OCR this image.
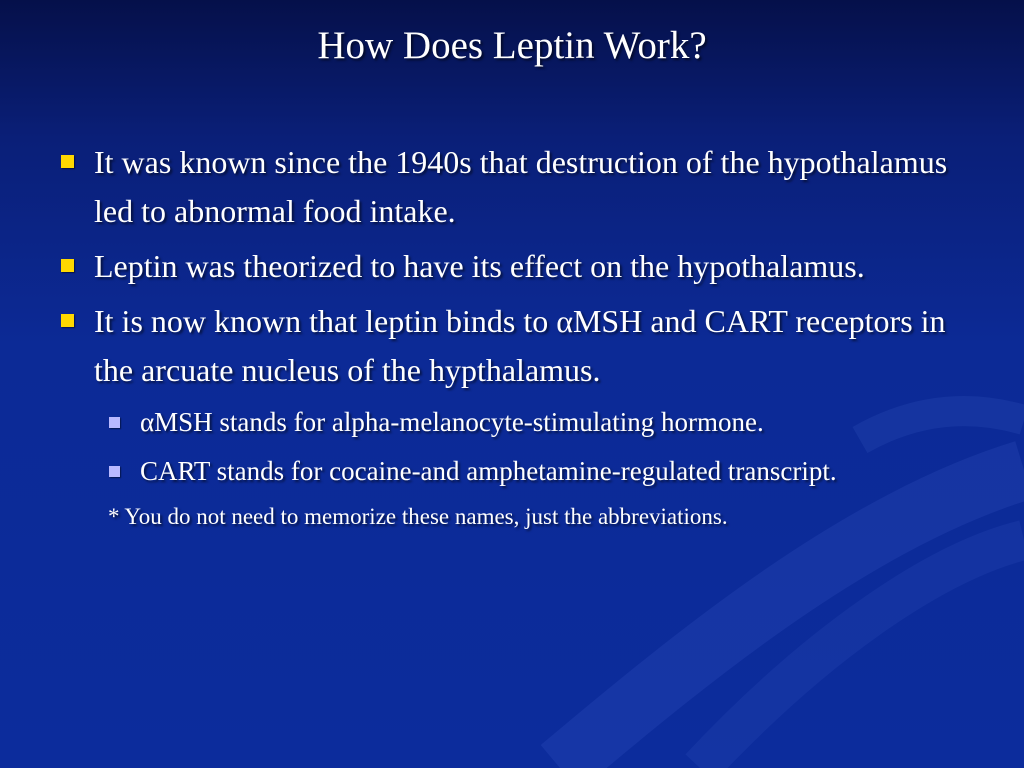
How Does Leptin Work?
It was known since the 1940s that destruction of the hypothalamus led to abnormal food intake.
Leptin was theorized to have its effect on the hypothalamus.
It is now known that leptin binds to αMSH and CART receptors in the arcuate nucleus of the hypthalamus.
αMSH stands for alpha-melanocyte-stimulating hormone.
CART stands for cocaine-and amphetamine-regulated transcript.
* You do not need to memorize these names, just the abbreviations.
